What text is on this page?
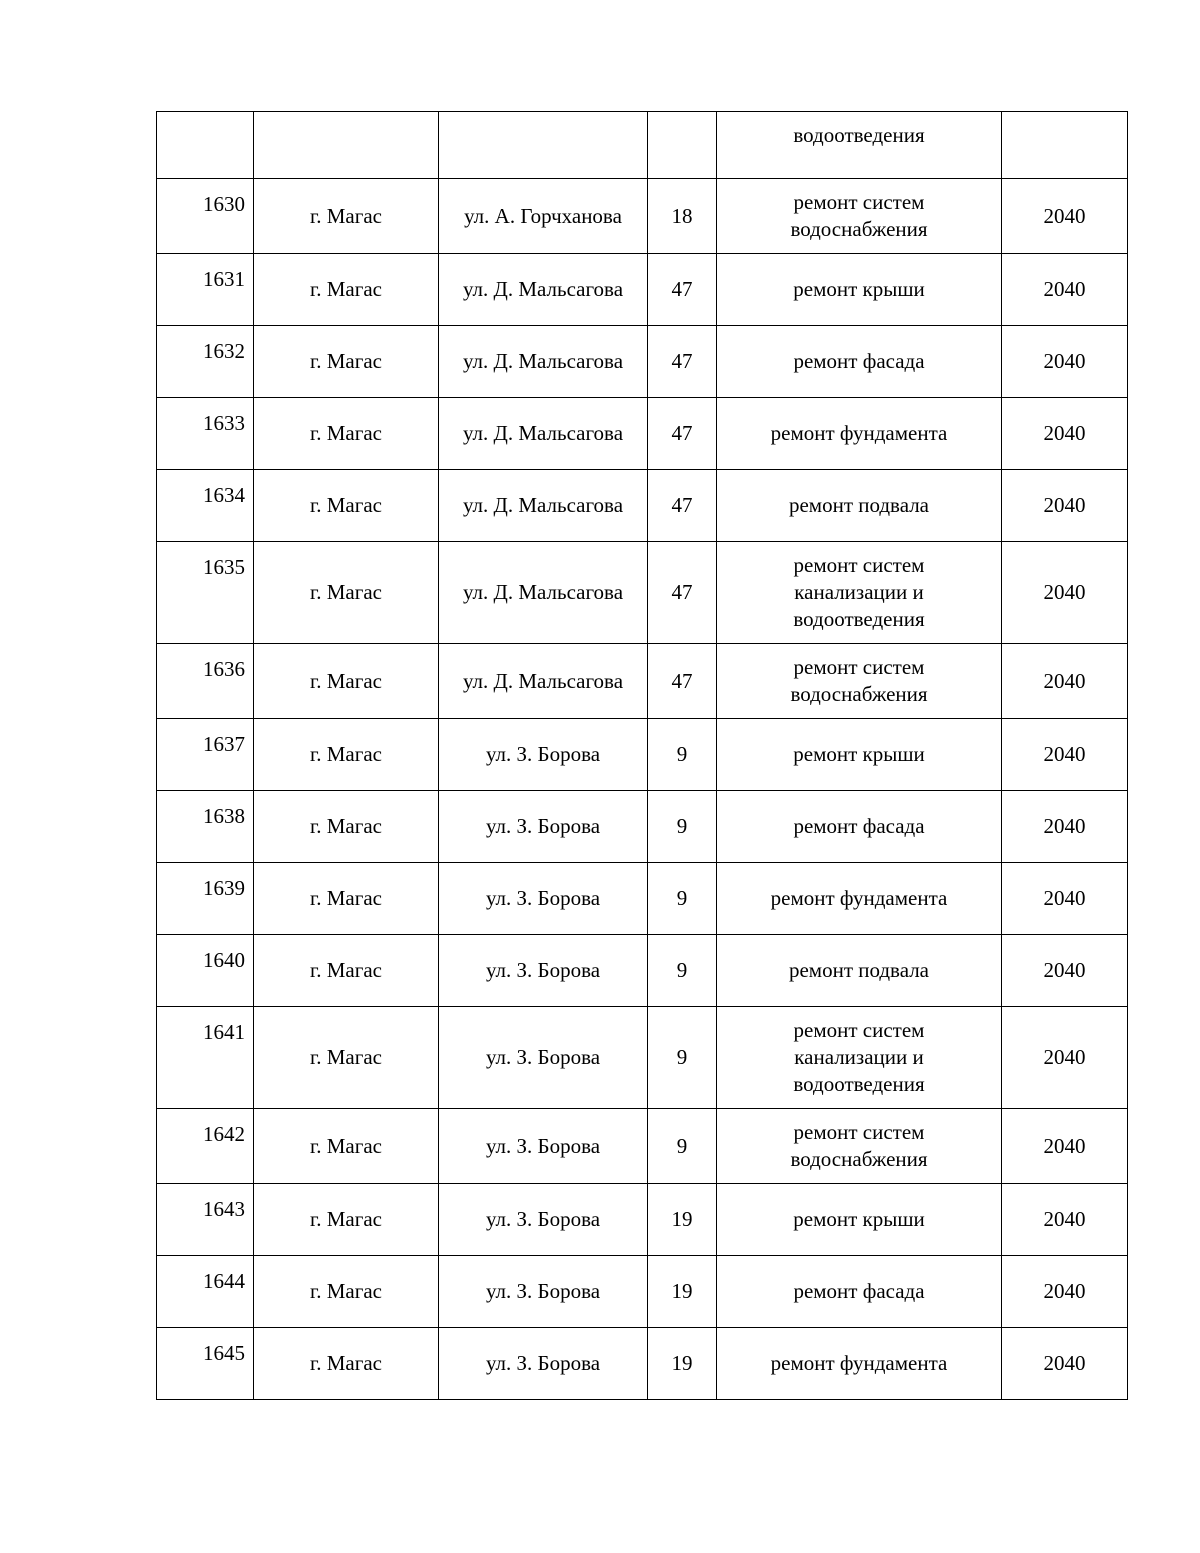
				водоотведения	

1630	г. Магас	ул. А. Горчханова	18	ремонт систем
водоснабжения	2040
1631	г. Магас	ул. Д. Мальсагова	47	ремонт крыши	2040
1632	г. Магас	ул. Д. Мальсагова	47	ремонт фасада	2040
1633	г. Магас	ул. Д. Мальсагова	47	ремонт фундамента	2040
1634	г. Магас	ул. Д. Мальсагова	47	ремонт подвала	2040
1635	г. Магас	ул. Д. Мальсагова	47	ремонт систем
канализации и
водоотведения	2040
1636	г. Магас	ул. Д. Мальсагова	47	ремонт систем
водоснабжения	2040
1637	г. Магас	ул. З. Борова	9	ремонт крыши	2040
1638	г. Магас	ул. З. Борова	9	ремонт фасада	2040
1639	г. Магас	ул. З. Борова	9	ремонт фундамента	2040
1640	г. Магас	ул. З. Борова	9	ремонт подвала	2040
1641	г. Магас	ул. З. Борова	9	ремонт систем
канализации и
водоотведения	2040
1642	г. Магас	ул. З. Борова	9	ремонт систем
водоснабжения	2040
1643	г. Магас	ул. З. Борова	19	ремонт крыши	2040
1644	г. Магас	ул. З. Борова	19	ремонт фасада	2040
1645	г. Магас	ул. З. Борова	19	ремонт фундамента	2040
